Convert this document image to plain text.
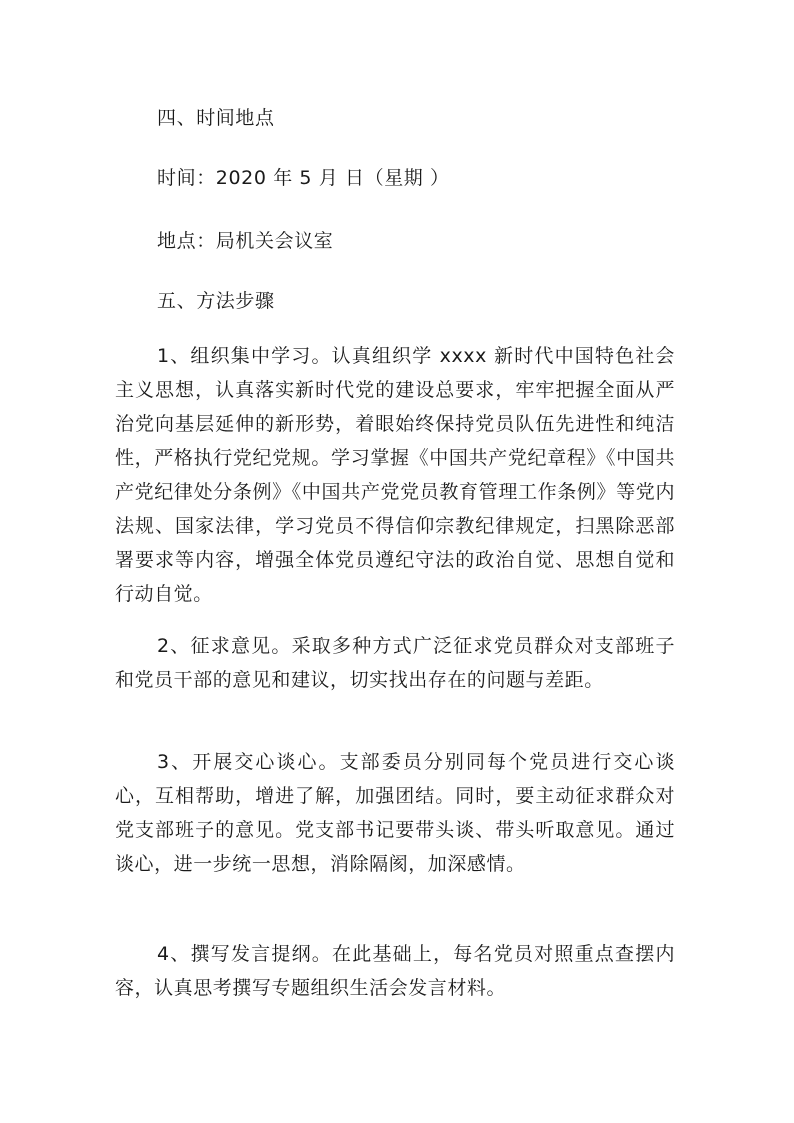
四、时间地点
时间：2020 年 5 月 日（星期 ）
地点：局机关会议室
五、方法步骤
1、组织集中学习。认真组织学 xxxx 新时代中国特色社会主义思想，认真落实新时代党的建设总要求，牢牢把握全面从严治党向基层延伸的新形势，着眼始终保持党员队伍先进性和纯洁性，严格执行党纪党规。学习掌握《中国共产党纪章程》《中国共产党纪律处分条例》《中国共产党党员教育管理工作条例》等党内法规、国家法律，学习党员不得信仰宗教纪律规定，扫黑除恶部署要求等内容，增强全体党员遵纪守法的政治自觉、思想自觉和行动自觉。
2、征求意见。采取多种方式广泛征求党员群众对支部班子和党员干部的意见和建议，切实找出存在的问题与差距。
3、开展交心谈心。支部委员分别同每个党员进行交心谈心，互相帮助，增进了解，加强团结。同时，要主动征求群众对党支部班子的意见。党支部书记要带头谈、带头听取意见。通过谈心，进一步统一思想，消除隔阂，加深感情。
4、撰写发言提纲。在此基础上，每名党员对照重点查摆内容，认真思考撰写专题组织生活会发言材料。
